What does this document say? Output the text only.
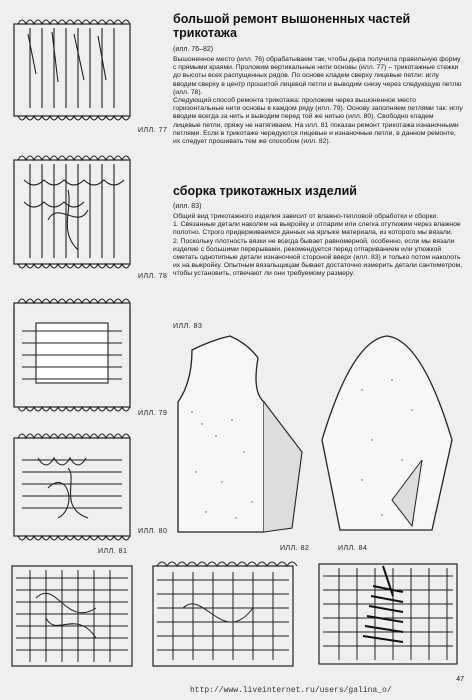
ИЛЛ. 77
ИЛЛ. 78
ИЛЛ. 79
ИЛЛ. 80
ИЛЛ. 81
большой ремонт вышоненных частей трикотажа
(илл. 76–82)

Вышоненное место (илл. 76) обрабатываем так, чтобы дыра получила правильную форму с прямыми краями. Проложим вертикальные нити основы (илл. 77) – трикотажные стежки до высоты всех распущенных рядов. По основе кладем сверху лицевые петли: иглу вводим сверху в центр прошитой лицевой петли и выводим снизу через следующую петлю (илл. 78).

Следующий способ ремонта трикотажа: проложим через вышоненное место горизонтальные нити основы в каждом ряду (илл. 79). Основу заполняем петлями так: иглу вводим всегда за нить и выводим перед той же нитью (илл. 80). Свободно кладем лицевые петли, пряжу не натягиваем. На илл. 81 показан ремонт трикотажа изнаночными петлями. Если в трикотаже чередуются лицевые и изнаночные петли, в данном ремонте, их следует прошивать тем же способом (илл. 82).

сборка трикотажных изделий
(илл. 83)

Общий вид трикотажного изделия зависит от влажно-тепловой обработки и сборки.

1. Связанные детали наколем на выкройку и отпарим или слегка отутюжим через влажное полотно. Строго придерживаемся данных на ярлыке материала, из которого мы вязали.

2. Поскольку плотность вязки не всегда бывает равномерной, особенно, если мы вязали изделие с большими перерывами, рекомендуется перед отпариванием или утюжкой сметать однотипные детали изнаночной стороной вверх (илл. 83) и только потом наколоть их на выкройку. Опытным вязальщицам бывает достаточно измерить детали сантиметром, чтобы установить, отвечают ли они требуемому размеру.

ИЛЛ. 83
ИЛЛ. 82	ИЛЛ. 84
47
http://www.liveinternet.ru/users/galina_o/
